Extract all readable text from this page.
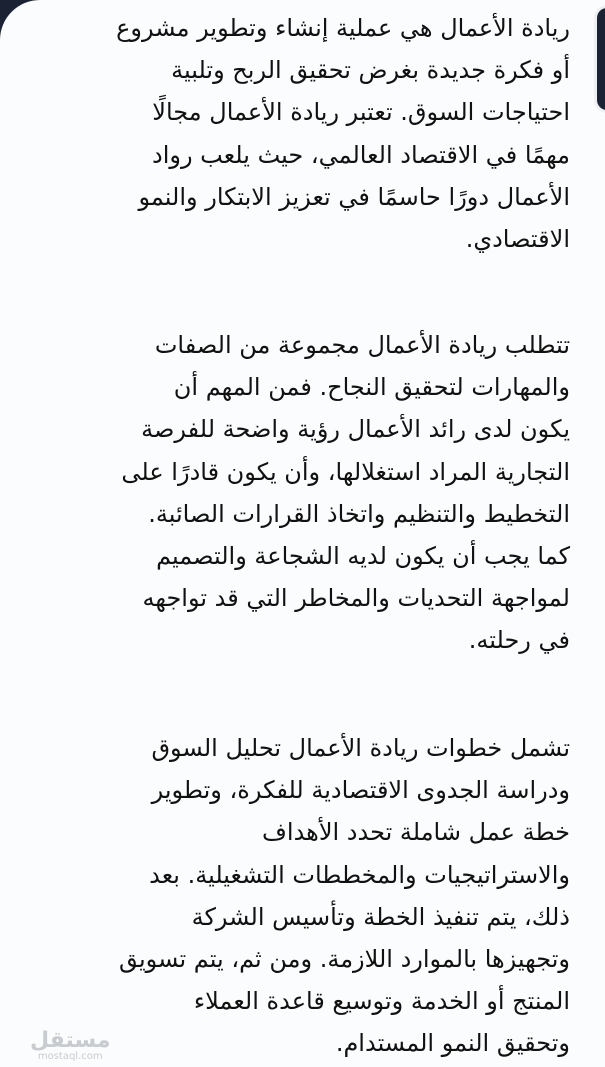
ريادة الأعمال هي عملية إنشاء وتطوير مشروع
أو فكرة جديدة بغرض تحقيق الربح وتلبية
احتياجات السوق. تعتبر ريادة الأعمال مجالًا
مهمًا في الاقتصاد العالمي، حيث يلعب رواد
الأعمال دورًا حاسمًا في تعزيز الابتكار والنمو
الاقتصادي.
تتطلب ريادة الأعمال مجموعة من الصفات
والمهارات لتحقيق النجاح. فمن المهم أن
يكون لدى رائد الأعمال رؤية واضحة للفرصة
التجارية المراد استغلالها، وأن يكون قادرًا على
التخطيط والتنظيم واتخاذ القرارات الصائبة.
كما يجب أن يكون لديه الشجاعة والتصميم
لمواجهة التحديات والمخاطر التي قد تواجهه
في رحلته.
تشمل خطوات ريادة الأعمال تحليل السوق
ودراسة الجدوى الاقتصادية للفكرة، وتطوير
خطة عمل شاملة تحدد الأهداف
والاستراتيجيات والمخططات التشغيلية. بعد
ذلك، يتم تنفيذ الخطة وتأسيس الشركة
وتجهيزها بالموارد اللازمة. ومن ثم، يتم تسويق
المنتج أو الخدمة وتوسيع قاعدة العملاء
وتحقيق النمو المستدام.
مستقل
mostaql.com
